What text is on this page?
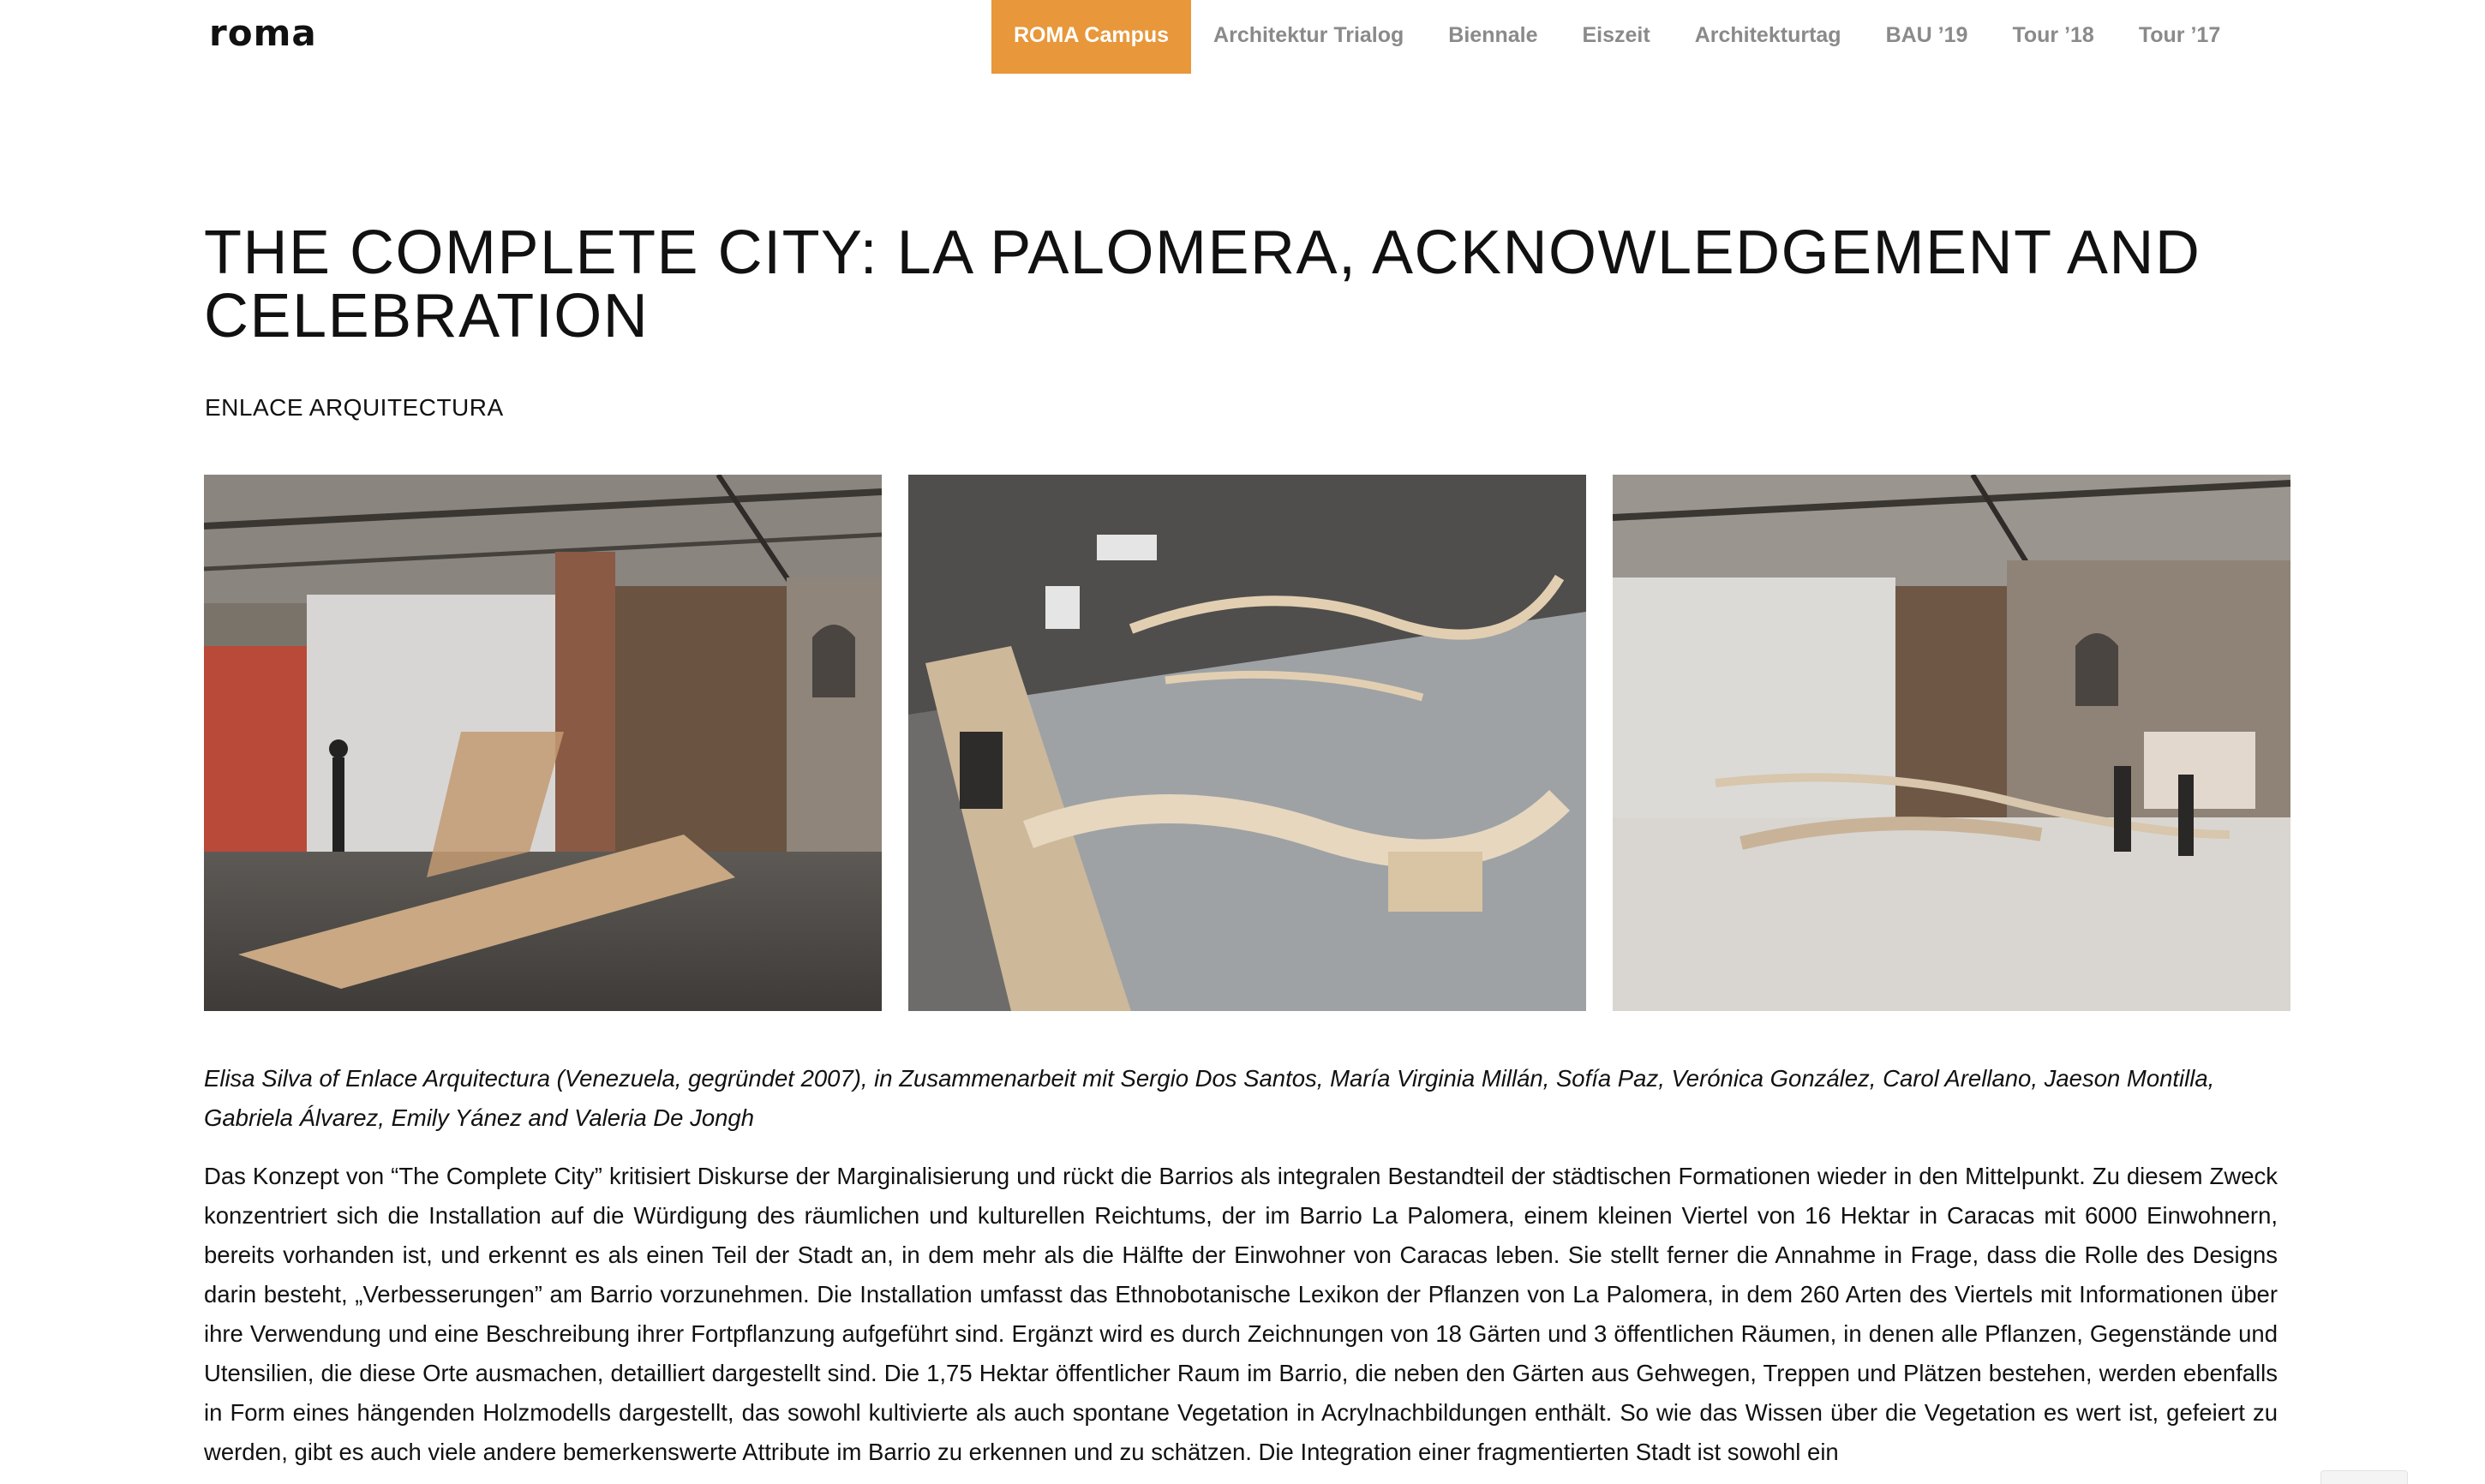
roma	ROMA Campus	Architektur Trialog	Biennale	Eiszeit	Architekturtag	BAU ’19	Tour ’18	Tour ’17
THE COMPLETE CITY: LA PALOMERA, ACKNOWLEDGEMENT AND CELEBRATION
ENLACE ARQUITECTURA
Elisa Silva of Enlace Arquitectura (Venezuela, gegründet 2007), in Zusammenarbeit mit Sergio Dos Santos, María Virginia Millán, Sofía Paz, Verónica González, Carol Arellano, Jaeson Montilla, Gabriela Álvarez, Emily Yánez and Valeria De Jongh
Das Konzept von “The Complete City” kritisiert Diskurse der Marginalisierung und rückt die Barrios als integralen Bestandteil der städtischen Formationen wieder in den Mittelpunkt. Zu diesem Zweck konzentriert sich die Installation auf die Würdigung des räumlichen und kulturellen Reichtums, der im Barrio La Palomera, einem kleinen Viertel von 16 Hektar in Caracas mit 6000 Einwohnern, bereits vorhanden ist, und erkennt es als einen Teil der Stadt an, in dem mehr als die Hälfte der Einwohner von Caracas leben. Sie stellt ferner die Annahme in Frage, dass die Rolle des Designs darin besteht, „Verbesserungen” am Barrio vorzunehmen. Die Installation umfasst das Ethnobotanische Lexikon der Pflanzen von La Palomera, in dem 260 Arten des Viertels mit Informationen über ihre Verwendung und eine Beschreibung ihrer Fortpflanzung aufgeführt sind. Ergänzt wird es durch Zeichnungen von 18 Gärten und 3 öffentlichen Räumen, in denen alle Pflanzen, Gegenstände und Utensilien, die diese Orte ausmachen, detailliert dargestellt sind. Die 1,75 Hektar öffentlicher Raum im Barrio, die neben den Gärten aus Gehwegen, Treppen und Plätzen bestehen, werden ebenfalls in Form eines hängenden Holzmodells dargestellt, das sowohl kultivierte als auch spontane Vegetation in Acrylnachbildungen enthält. So wie das Wissen über die Vegetation es wert ist, gefeiert zu werden, gibt es auch viele andere bemerkenswerte Attribute im Barrio zu erkennen und zu schätzen. Die Integration einer fragmentierten Stadt ist sowohl ein
